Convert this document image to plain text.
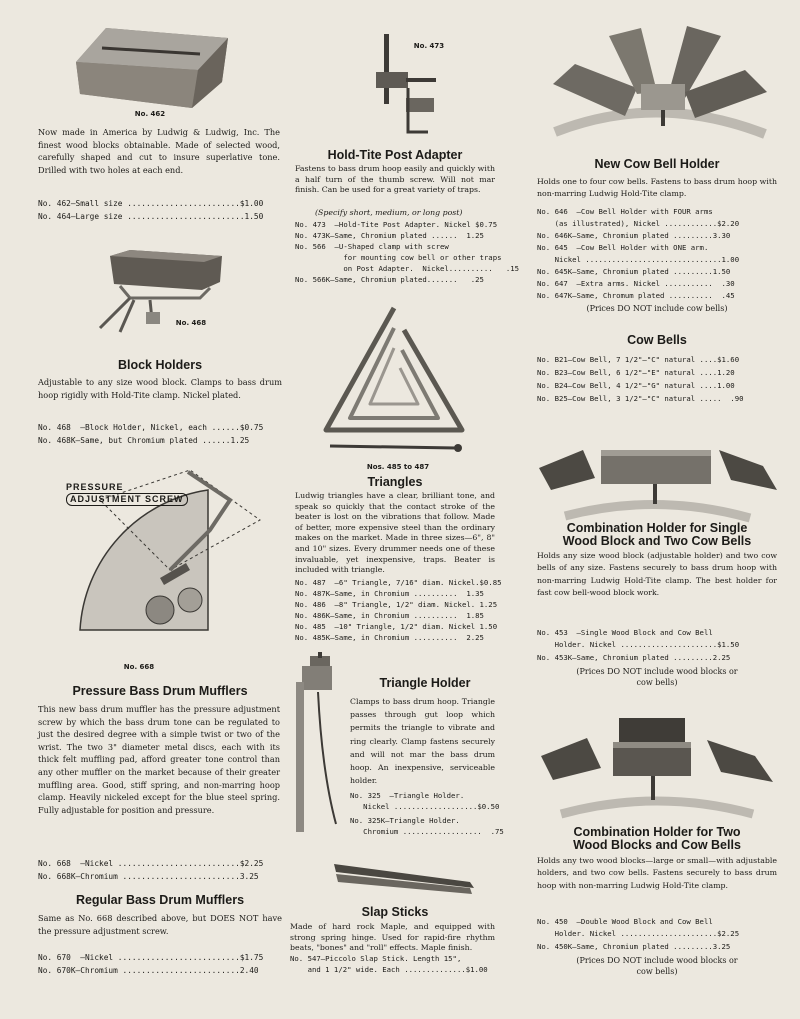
No. 462
Now made in America by Ludwig & Ludwig, Inc. The finest wood blocks obtainable. Made of selected wood, carefully shaped and cut to insure superlative tone. Drilled with two holes at each end.
No. 462—Small size ........................$1.00
No. 464—Large size .........................1.50
No. 468
Block Holders
Adjustable to any size wood block. Clamps to bass drum hoop rigidly with Hold-Tite clamp. Nickel plated.
No. 468  —Block Holder, Nickel, each ......$0.75
No. 468K—Same, but Chromium plated ......1.25
PRESSURE
ADJUSTMENT SCREW
No. 668
Pressure Bass Drum Mufflers
This new bass drum muffler has the pressure adjustment screw by which the bass drum tone can be regulated to just the desired degree with a simple twist or two of the wrist. The two 3" diameter metal discs, each with its thick felt muffling pad, afford greater tone control than any other muffler on the market because of their greater muffling area. Good, stiff spring, and non-marring hoop clamp. Heavily nickeled except for the blue steel spring. Fully adjustable for position and pressure.
No. 668  —Nickel ..........................$2.25
No. 668K—Chromium .........................3.25
Regular Bass Drum Mufflers
Same as No. 668 described above, but DOES NOT have the pressure adjustment screw.
No. 670  —Nickel ..........................$1.75
No. 670K—Chromium .........................2.40
No. 473
Hold-Tite Post Adapter
Fastens to bass drum hoop easily and quickly with a half turn of the thumb screw. Will not mar finish. Can be used for a great variety of traps.
(Specify short, medium, or long post)
No. 473  —Hold-Tite Post Adapter. Nickel $0.75
No. 473K—Same, Chromium plated ......  1.25
No. 566  —U-Shaped clamp with screw
for mounting cow bell or other traps
on Post Adapter.  Nickel..........   .15
No. 566K—Same, Chromium plated.......   .25
Nos. 485 to 487
Triangles
Ludwig triangles have a clear, brilliant tone, and speak so quickly that the contact stroke of the beater is lost on the vibrations that follow. Made of better, more expensive steel than the ordinary makes on the market. Made in three sizes—6", 8" and 10" sizes. Every drummer needs one of these invaluable, yet inexpensive, traps. Beater is included with triangle.
No. 487  —6" Triangle, 7/16" diam. Nickel.$0.85
No. 487K—Same, in Chromium ..........  1.35
No. 486  —8" Triangle, 1/2" diam. Nickel. 1.25
No. 486K—Same, in Chromium ..........  1.85
No. 485  —10" Triangle, 1/2" diam. Nickel 1.50
No. 485K—Same, in Chromium ..........  2.25
Triangle Holder
Clamps to bass drum hoop. Triangle passes through gut loop which permits the triangle to vibrate and ring clearly. Clamp fastens securely and will not mar the bass drum hoop. An inexpensive, serviceable holder.
No. 325  —Triangle Holder.
Nickel ...................$0.50
No. 325K—Triangle Holder.
Chromium ..................  .75
Slap Sticks
Made of hard rock Maple, and equipped with strong spring hinge. Used for rapid-fire rhythm beats, "bones" and "roll" effects. Maple finish.
No. 547—Piccolo Slap Stick. Length 15",
and 1 1/2" wide. Each ..............$1.00
New Cow Bell Holder
Holds one to four cow bells. Fastens to bass drum hoop with non-marring Ludwig Hold-Tite clamp.
No. 646  —Cow Bell Holder with FOUR arms
(as illustrated), Nickel ............$2.20
No. 646K—Same, Chromium plated .........3.30
No. 645  —Cow Bell Holder with ONE arm.
Nickel ...............................1.00
No. 645K—Same, Chromium plated .........1.50
No. 647  —Extra arms. Nickel ...........  .30
No. 647K—Same, Chromum plated ..........  .45
(Prices DO NOT include cow bells)
Cow Bells
No. B21—Cow Bell, 7 1/2"—"C" natural ....$1.60
No. B23—Cow Bell, 6 1/2"—"E" natural ....1.20
No. B24—Cow Bell, 4 1/2"—"G" natural ....1.00
No. B25—Cow Bell, 3 1/2"—"C" natural .....  .90
Combination Holder for Single
Wood Block and Two Cow Bells
Holds any size wood block (adjustable holder) and two cow bells of any size. Fastens securely to bass drum hoop with non-marring Ludwig Hold-Tite clamp. The best holder for fast cow bell-wood block work.
No. 453  —Single Wood Block and Cow Bell
Holder. Nickel ......................$1.50
No. 453K—Same, Chromium plated .........2.25
(Prices DO NOT include wood blocks or cow bells)
Combination Holder for Two
Wood Blocks and Cow Bells
Holds any two wood blocks—large or small—with adjustable holders, and two cow bells. Fastens securely to bass drum hoop with non-marring Ludwig Hold-Tite clamp.
No. 450  —Double Wood Block and Cow Bell
Holder. Nickel ......................$2.25
No. 450K—Same, Chromium plated .........3.25
(Prices DO NOT include wood blocks or cow bells)
